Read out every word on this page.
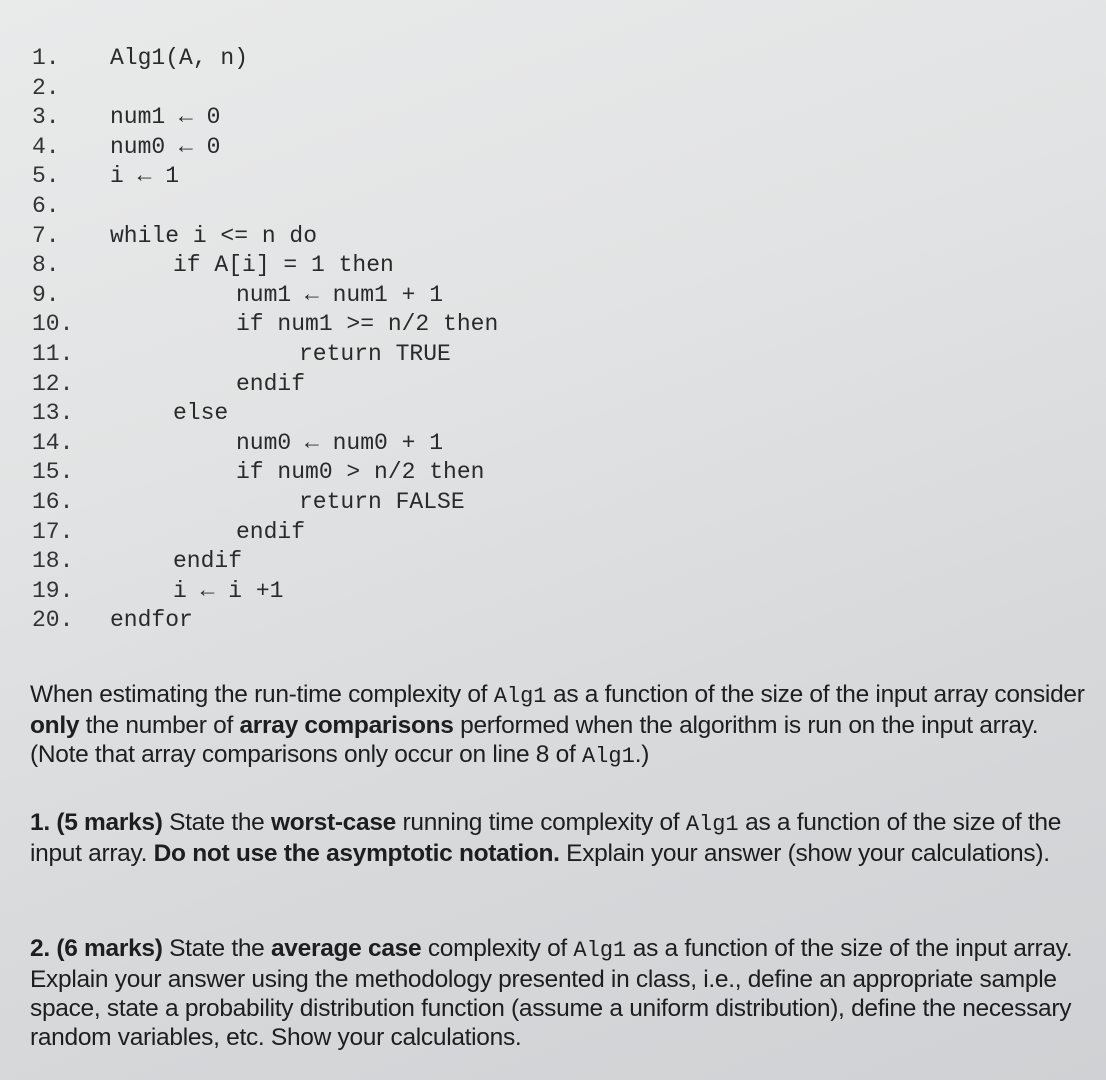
1. Alg1(A, n)
2.
3. num1 ← 0
4. num0 ← 0
5. i ← 1
6.
7. while i <= n do
8.	if A[i] = 1 then
9.	num1 ← num1 + 1
10.	if num1 >= n/2 then
11.	return TRUE
12.	endif
13.	else
14.	num0 ← num0 + 1
15.	if num0 > n/2 then
16.	return FALSE
17.	endif
18.	endif
19.	i ← i +1
20. endfor
When estimating the run-time complexity of Alg1 as a function of the size of the input array consider only the number of array comparisons performed when the algorithm is run on the input array. (Note that array comparisons only occur on line 8 of Alg1.)
1. (5 marks) State the worst-case running time complexity of Alg1 as a function of the size of the input array. Do not use the asymptotic notation. Explain your answer (show your calculations).
2. (6 marks) State the average case complexity of Alg1 as a function of the size of the input array. Explain your answer using the methodology presented in class, i.e., define an appropriate sample space, state a probability distribution function (assume a uniform distribution), define the necessary random variables, etc. Show your calculations.
